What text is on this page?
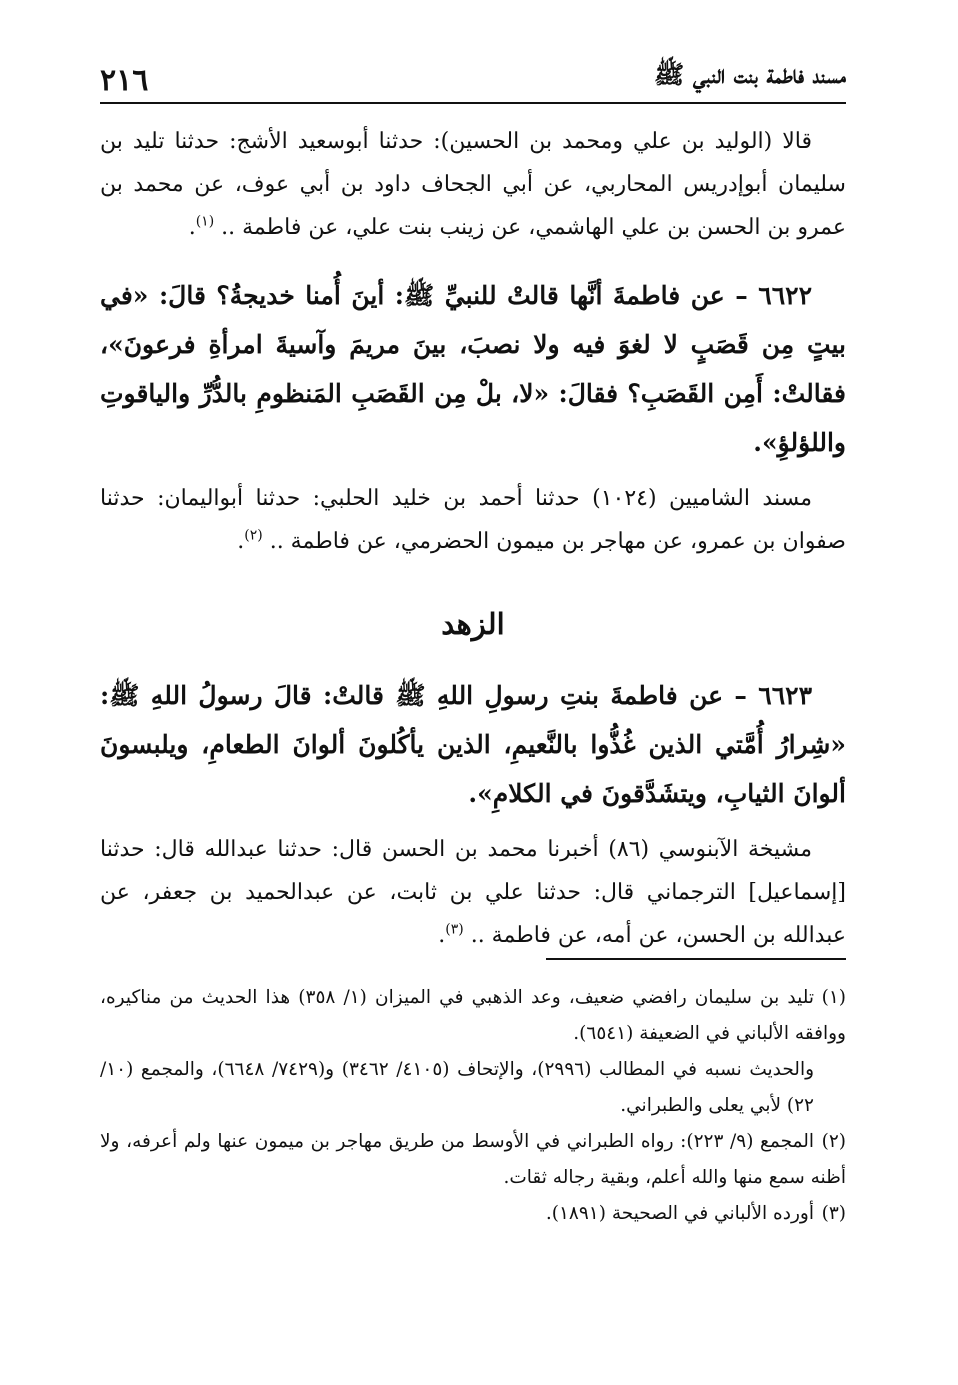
مسند فاطمة بنت النبي ﷺ
٢١٦

قالا (الوليد بن علي ومحمد بن الحسين): حدثنا أبوسعيد الأشج: حدثنا تليد بن سليمان أبوإدريس المحاربي، عن أبي الجحاف داود بن أبي عوف، عن محمد بن عمرو بن الحسن بن علي الهاشمي، عن زينب بنت علي، عن فاطمة .. $^{(١)}$.

٦٦٢٢ – عن فاطمةَ أنَّها قالتْ للنبيِّ ﷺ: أينَ أُمنا خديجةُ؟ قالَ: «في بيتٍ مِن قَصَبٍ لا لغوَ فيه ولا نصبَ، بينَ مريمَ وآسيةَ امرأةِ فرعونَ»، فقالتْ: أَمِن القَصَبِ؟ فقالَ: «لا، بلْ مِن القَصَبِ المَنظومِ بالدُّرِّ والياقوتِ واللؤلؤِ».

مسند الشاميين (١٠٢٤) حدثنا أحمد بن خليد الحلبي: حدثنا أبواليمان: حدثنا صفوان بن عمرو، عن مهاجر بن ميمون الحضرمي، عن فاطمة .. $^{(٢)}$.

الزهد

٦٦٢٣ – عن فاطمةَ بنتِ رسولِ اللهِ ﷺ قالتْ: قالَ رسولُ اللهِ ﷺ: «شِرارُ أُمَّتي الذين غُذُّوا بالنَّعيمِ، الذين يأكُلونَ ألوانَ الطعامِ، ويلبسونَ ألوانَ الثيابِ، ويتشَدَّقونَ في الكلامِ».

مشيخة الآبنوسي (٨٦) أخبرنا محمد بن الحسن قال: حدثنا عبدالله قال: حدثنا [إسماعيل] الترجماني قال: حدثنا علي بن ثابت، عن عبدالحميد بن جعفر، عن عبدالله بن الحسن، عن أمه، عن فاطمة .. $^{(٣)}$.

(١)تليد بن سليمان رافضي ضعيف، وعد الذهبي في الميزان (١/ ٣٥٨) هذا الحديث من مناكيره، ووافقه الألباني في الضعيفة (٦٥٤١).
والحديث نسبه في المطالب (٢٩٩٦)، والإتحاف (٤١٠٥/ ٣٤٦٢) و(٧٤٢٩/ ٦٦٤٨)، والمجمع (١٠/ ٢٢) لأبي يعلى والطبراني.
(٢)المجمع (٩/ ٢٢٣): رواه الطبراني في الأوسط من طريق مهاجر بن ميمون عنها ولم أعرفه، ولا أظنه سمع منها والله أعلم، وبقية رجاله ثقات.
(٣)أورده الألباني في الصحيحة (١٨٩١).
